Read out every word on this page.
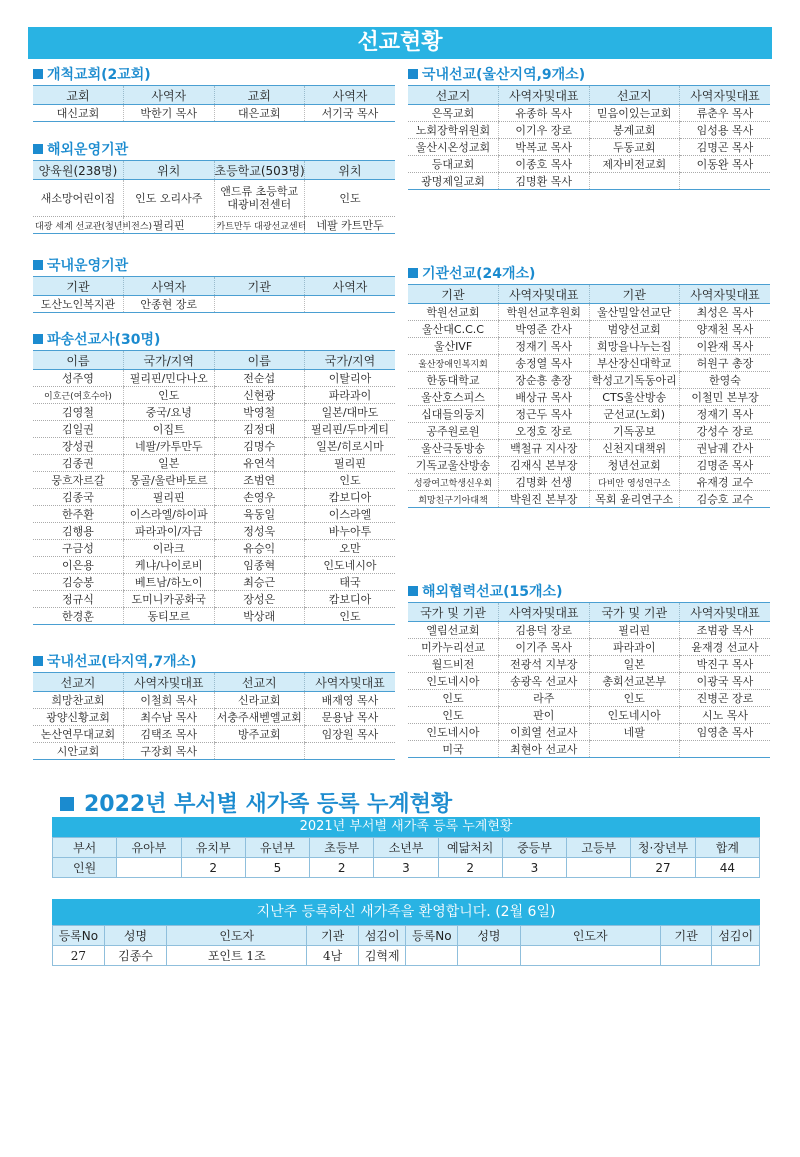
선교현황
개척교회(2교회)
교회	사역자	교회	사역자
대신교회	박한기 목사	대은교회	서기국 목사
해외운영기관
양육원(238명)	위치	초등학교(503명)	위치
새소망어린이집	인도 오리사주	앤드류 초등학교 대광비전센터	인도
대광 세계 선교관(청년비전스)	필리핀	카트만두 대광선교센터	네팔 카트만두
국내운영기관
기관	사역자	기관	사역자
도산노인복지관	안종현 장로		
파송선교사(30명)
이름	국가/지역	이름	국가/지역
성주영	필리핀/민다나오	전순섭	이탈리아
이호근(여호수아)	인도	신현광	파라과이
김영철	중국/요녕	박영철	일본/대마도
김일권	이집트	김정대	필리핀/두마게티
장성권	네팔/카투만두	김명수	일본/히로시마
김종권	일본	유연석	필리핀
뭉흐자르갈	몽골/울란바토르	조범연	인도
김종국	필리핀	손영우	캄보디아
한주환	이스라엘/하이파	육동일	이스라엘
김행용	파라과이/자금	정성욱	바누아투
구금성	이라크	유승익	오만
이은용	케냐/나이로비	임종혁	인도네시아
김승봉	베트남/하노이	최승근	태국
정규식	도미니카공화국	장성은	캄보디아
한경훈	동티모르	박상래	인도
국내선교(타지역,7개소)
선교지	사역자및대표	선교지	사역자및대표
희망찬교회	이철희 목사	신라교회	배재영 목사
광양신황교회	최수남 목사	서충주새벧엘교회	문용남 목사
논산연무대교회	김택조 목사	방주교회	임장원 목사
시안교회	구장회 목사		
국내선교(울산지역,9개소)
선교지	사역자및대표	선교지	사역자및대표
은목교회	유종하 목사	믿음이있는교회	류춘우 목사
노회장학위원회	이기우 장로	봉계교회	임성용 목사
울산시온성교회	박복교 목사	두동교회	김명곤 목사
등대교회	이종호 목사	제자비전교회	이동완 목사
광명제일교회	김명환 목사		
기관선교(24개소)
기관	사역자및대표	기관	사역자및대표
학원선교회	학원선교후원회	울산밀알선교단	최성은 목사
울산대C.C.C	박영준 간사	범양선교회	양재천 목사
울산IVF	정재기 목사	희망을나누는집	이완재 목사
울산장애인복지회	송정열 목사	부산장신대학교	허원구 총장
한동대학교	장순흥 총장	학성고기독동아리	한영숙
울산호스피스	배상규 목사	CTS울산방송	이철민 본부장
십대들의둥지	정근두 목사	군선교(노회)	정재기 목사
공주원로원	오정호 장로	기독공보	강성수 장로
울산극동방송	백철규 지사장	신천지대책위	권남궤 간사
기독교울산방송	김재식 본부장	청년선교회	김명준 목사
성광여고학생신우회	김명화 선생	다비안 영성연구소	유재경 교수
희망친구기아대책	박원진 본부장	목회 윤리연구소	김승호 교수
해외협력선교(15개소)
국가 및 기관	사역자및대표	국가 및 기관	사역자및대표
엘림선교회	김용덕 장로	필리핀	조범광 목사
미카누리선교	이기주 목사	파라과이	윤재경 선교사
월드비전	전광석 지부장	일본	박진구 목사
인도네시아	송광옥 선교사	총회선교본부	이광국 목사
인도	라주	인도	진병곤 장로
인도	판이	인도네시아	시노 목사
인도네시아	이희열 선교사	네팔	임영춘 목사
미국	최현아 선교사		
2022년 부서별 새가족 등록 누계현황
2021년 부서별 새가족 등록 누계현황
부서	유아부	유치부	유년부	초등부	소년부	예닮처치	중등부	고등부	청·장년부	합계
인원		2	5	2	3	2	3		27	44
지난주 등록하신 새가족을 환영합니다. (2월 6일)
등록No	성명	인도자	기관	섬김이	등록No	성명	인도자	기관	섬김이
27	김종수	포인트 1조	4남	김혁제					
